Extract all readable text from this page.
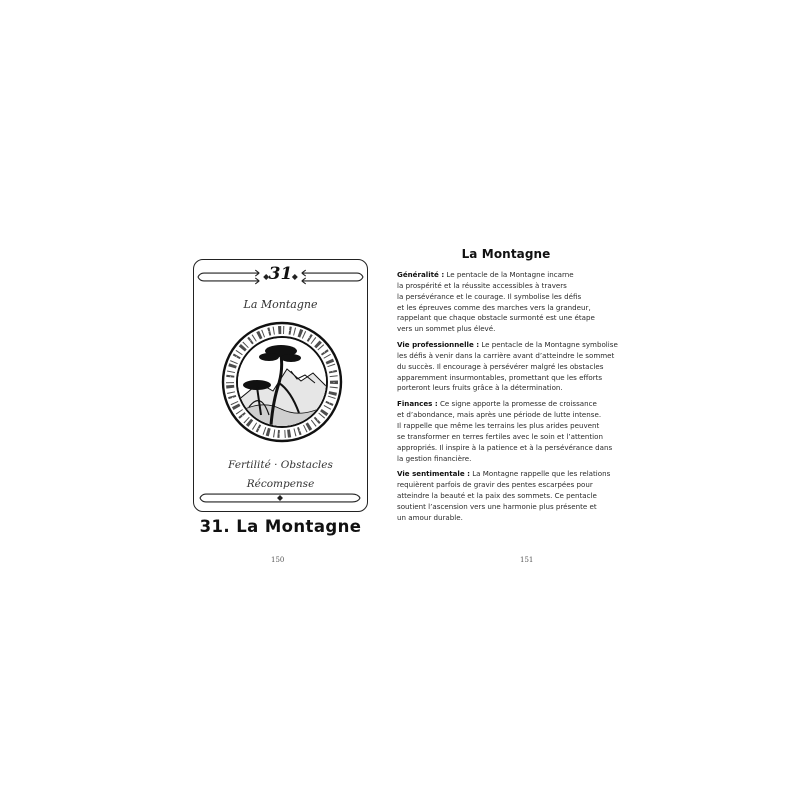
31
La Montagne
Fertilité · Obstacles
Récompense
31. La Montagne
150
La Montagne
Généralité : Le pentacle de la Montagne incarne
la prospérité et la réussite accessibles à travers
la persévérance et le courage. Il symbolise les défis
et les épreuves comme des marches vers la grandeur,
rappelant que chaque obstacle surmonté est une étape
vers un sommet plus élevé.
Vie professionnelle : Le pentacle de la Montagne symbolise
les défis à venir dans la carrière avant d’atteindre le sommet
du succès. Il encourage à persévérer malgré les obstacles
apparemment insurmontables, promettant que les efforts
porteront leurs fruits grâce à la détermination.
Finances : Ce signe apporte la promesse de croissance
et d’abondance, mais après une période de lutte intense.
Il rappelle que même les terrains les plus arides peuvent
se transformer en terres fertiles avec le soin et l’attention
appropriés. Il inspire à la patience et à la persévérance dans
la gestion financière.
Vie sentimentale : La Montagne rappelle que les relations
requièrent parfois de gravir des pentes escarpées pour
atteindre la beauté et la paix des sommets. Ce pentacle
soutient l’ascension vers une harmonie plus présente et
un amour durable.
151
